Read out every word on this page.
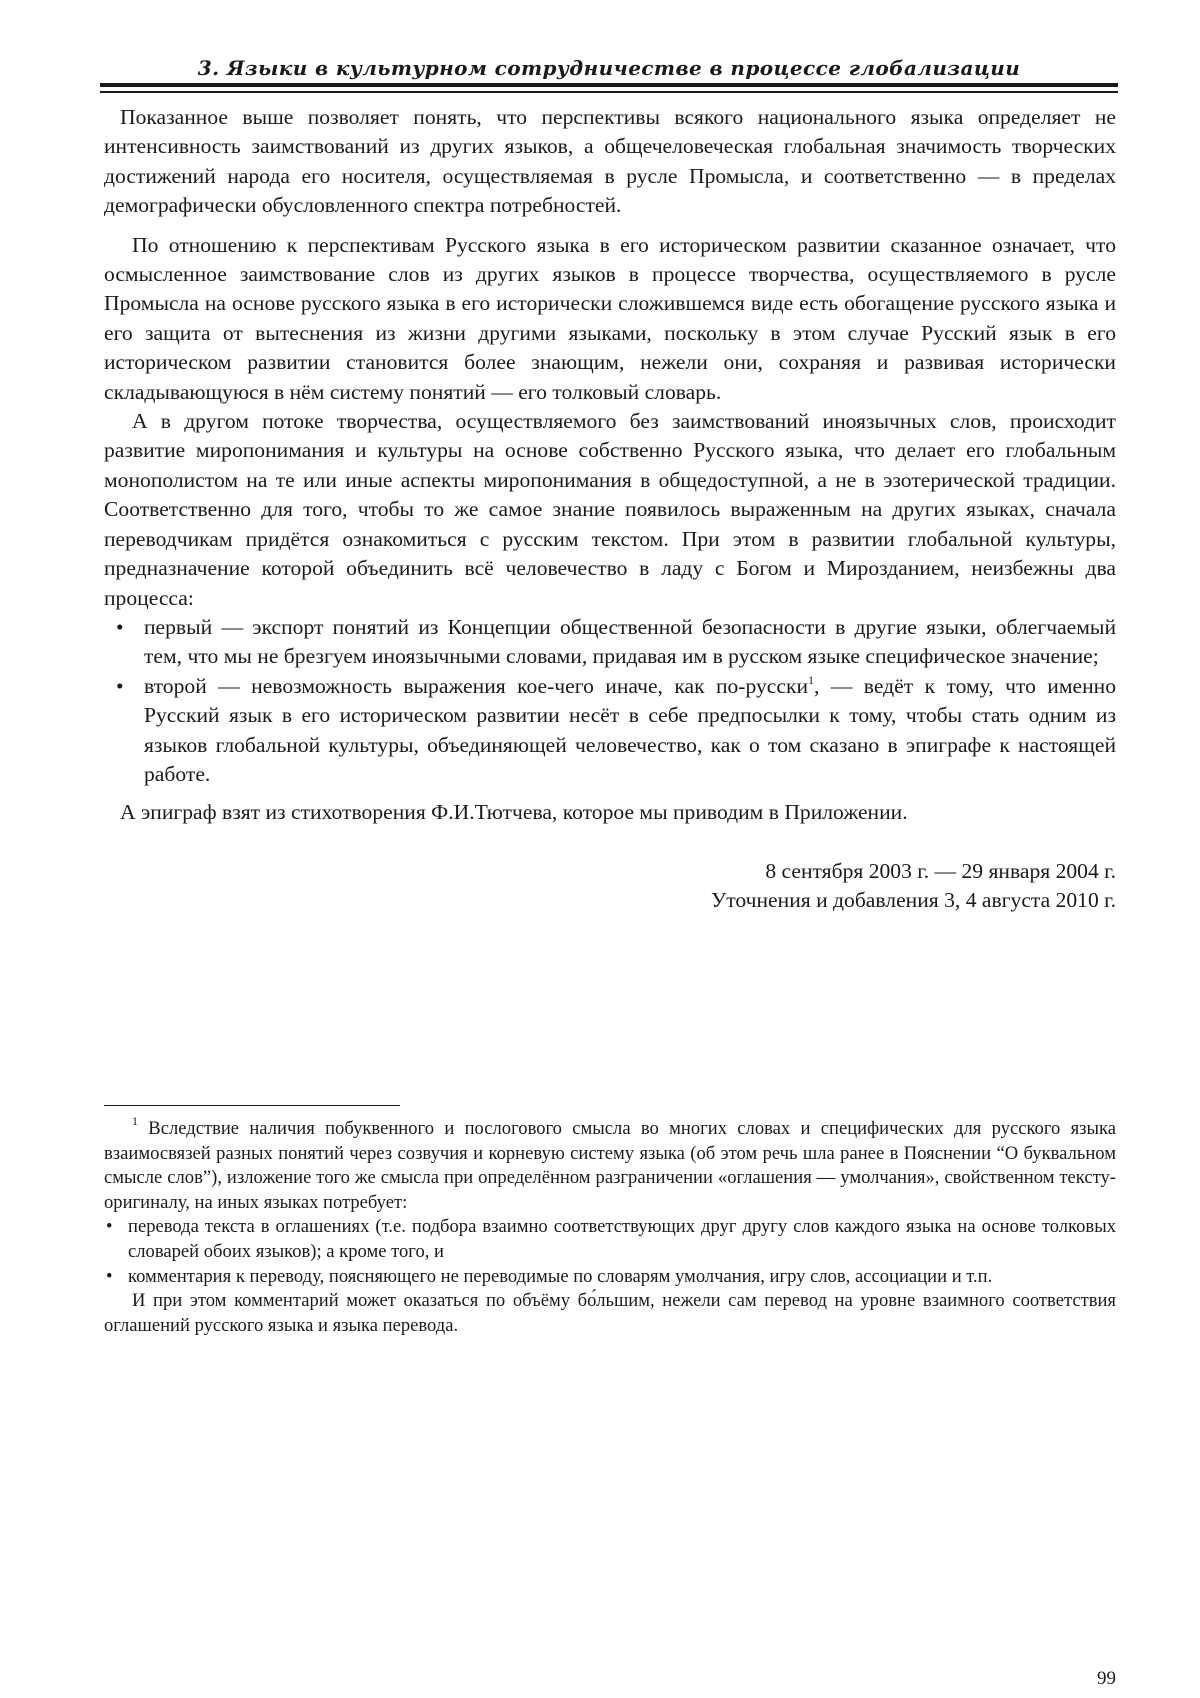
3. Языки в культурном сотрудничестве в процессе глобализации

Показанное выше позволяет понять, что перспективы всякого национального языка определяет не интенсивность заимствований из других языков, а общечеловеческая глобальная значимость творческих достижений народа его носителя, осуществляемая в русле Промысла, и соответственно — в пределах демографически обусловленного спектра потребностей.

По отношению к перспективам Русского языка в его историческом развитии сказанное означает, что осмысленное заимствование слов из других языков в процессе творчества, осуществляемого в русле Промысла на основе русского языка в его исторически сложившемся виде есть обогащение русского языка и его защита от вытеснения из жизни другими языками, поскольку в этом случае Русский язык в его историческом развитии становится более знающим, нежели они, сохраняя и развивая исторически складывающуюся в нём систему понятий — его толковый словарь.

А в другом потоке творчества, осуществляемого без заимствований иноязычных слов, происходит развитие миропонимания и культуры на основе собственно Русского языка, что делает его глобальным монополистом на те или иные аспекты миропонимания в общедоступной, а не в эзотерической традиции. Соответственно для того, чтобы то же самое знание появилось выраженным на других языках, сначала переводчикам придётся ознакомиться с русским текстом. При этом в развитии глобальной культуры, предназначение которой объединить всё человечество в ладу с Богом и Мирозданием, неизбежны два процесса:

• первый — экспорт понятий из Концепции общественной безопасности в другие языки, облегчаемый тем, что мы не брезгуем иноязычными словами, придавая им в русском языке специфическое значение;
• второй — невозможность выражения кое-чего иначе, как по-русски$^1$, — ведёт к тому, что именно Русский язык в его историческом развитии несёт в себе предпосылки к тому, чтобы стать одним из языков глобальной культуры, объединяющей человечество, как о том сказано в эпиграфе к настоящей работе.

А эпиграф взят из стихотворения Ф.И.Тютчева, которое мы приводим в Приложении.

8 сентября 2003 г. — 29 января 2004 г.
Уточнения и добавления 3, 4 августа 2010 г.

$^1$ Вследствие наличия побуквенного и послогового смысла во многих словах и специфических для русского языка взаимосвязей разных понятий через созвучия и корневую систему языка (об этом речь шла ранее в Пояснении “О буквальном смысле слов”), изложение того же смысла при определённом разграничении «оглашения — умолчания», свойственном тексту-оригиналу, на иных языках потребует:

• перевода текста в оглашениях (т.е. подбора взаимно соответствующих друг другу слов каждого языка на основе толковых словарей обоих языков); а кроме того, и
• комментария к переводу, поясняющего не переводимые по словарям умолчания, игру слов, ассоциации и т.п.

И при этом комментарий может оказаться по объёму бо́льшим, нежели сам перевод на уровне взаимного соответствия оглашений русского языка и языка перевода.

99
